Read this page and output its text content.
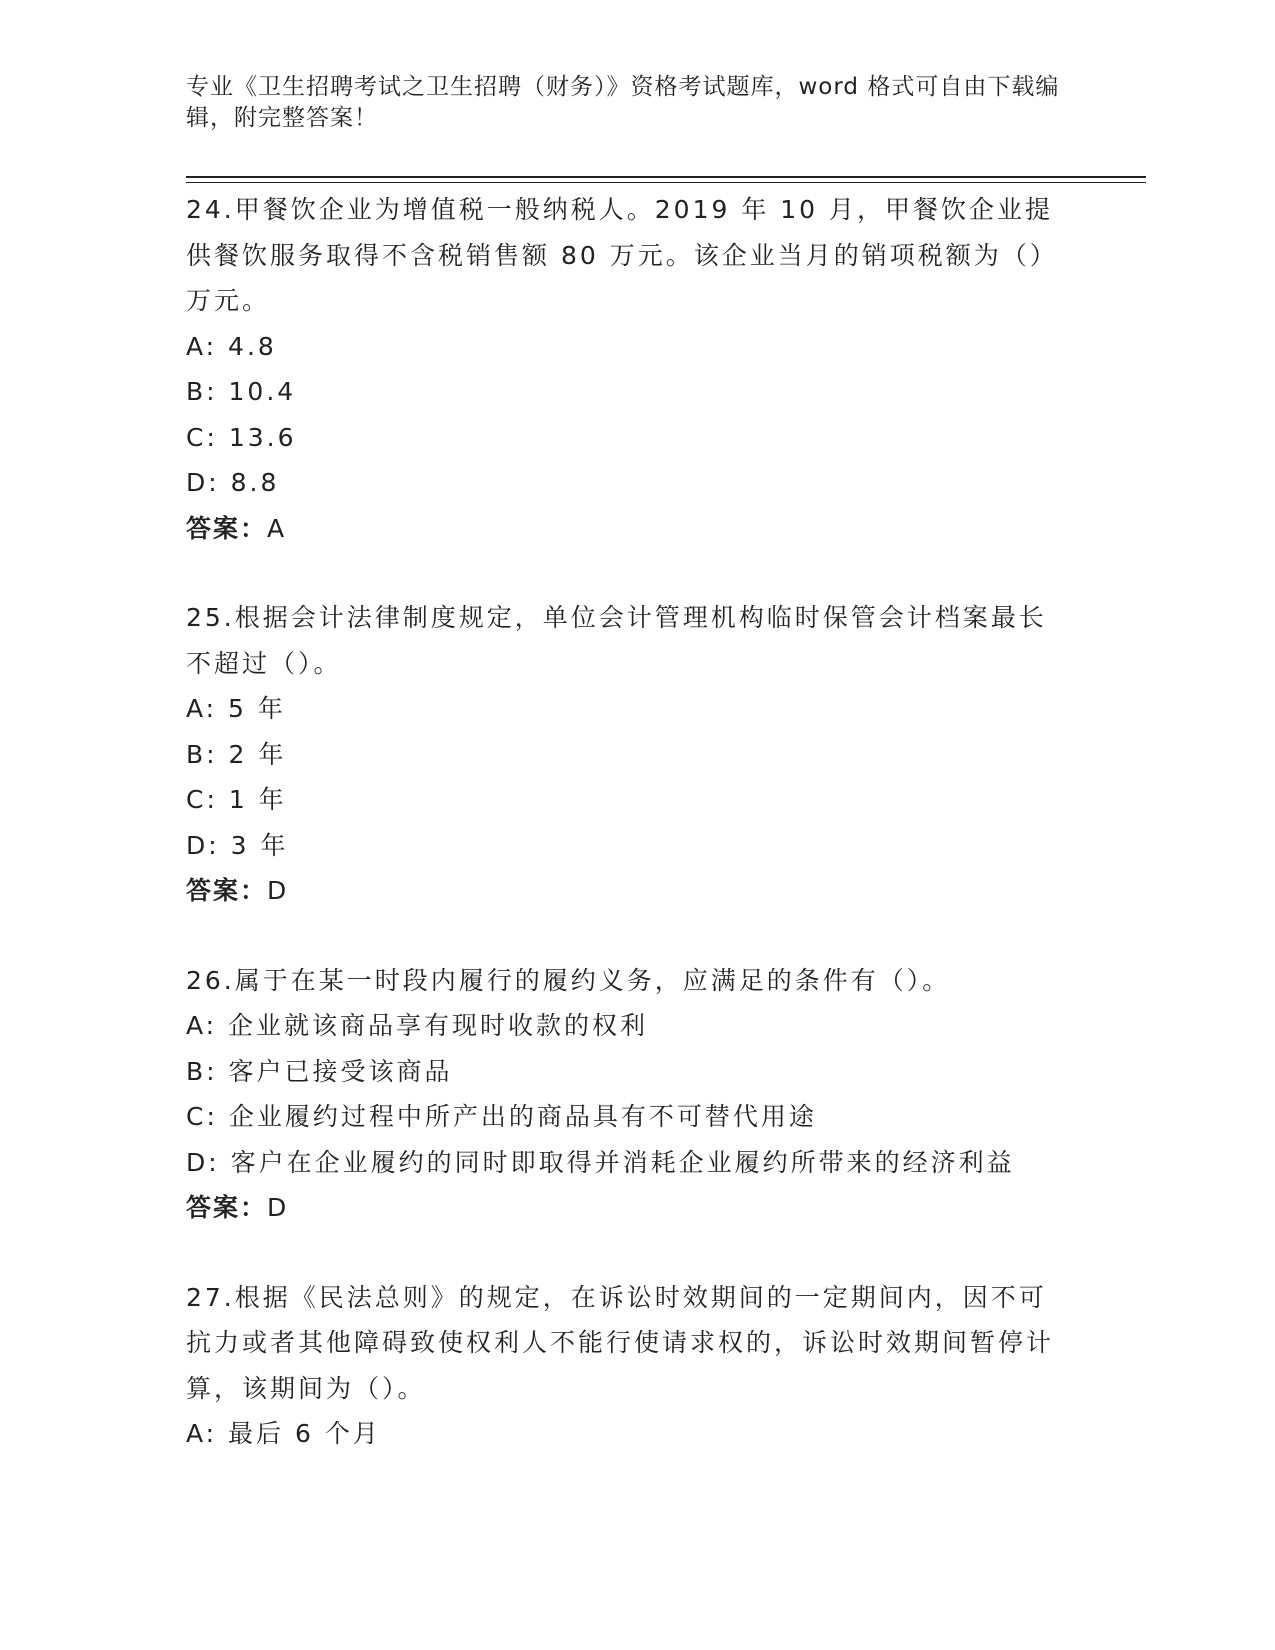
专业《卫生招聘考试之卫生招聘（财务）》资格考试题库，word 格式可自由下载编辑，附完整答案！
24.甲餐饮企业为增值税一般纳税人。2019 年 10 月，甲餐饮企业提供餐饮服务取得不含税销售额 80 万元。该企业当月的销项税额为（）万元。
A: 4.8
B: 10.4
C: 13.6
D: 8.8
答案：A
25.根据会计法律制度规定，单位会计管理机构临时保管会计档案最长不超过（）。
A: 5 年
B: 2 年
C: 1 年
D: 3 年
答案：D
26.属于在某一时段内履行的履约义务，应满足的条件有（）。
A: 企业就该商品享有现时收款的权利
B: 客户已接受该商品
C: 企业履约过程中所产出的商品具有不可替代用途
D: 客户在企业履约的同时即取得并消耗企业履约所带来的经济利益
答案：D
27.根据《民法总则》的规定，在诉讼时效期间的一定期间内，因不可抗力或者其他障碍致使权利人不能行使请求权的，诉讼时效期间暂停计算，该期间为（）。
A: 最后 6 个月
